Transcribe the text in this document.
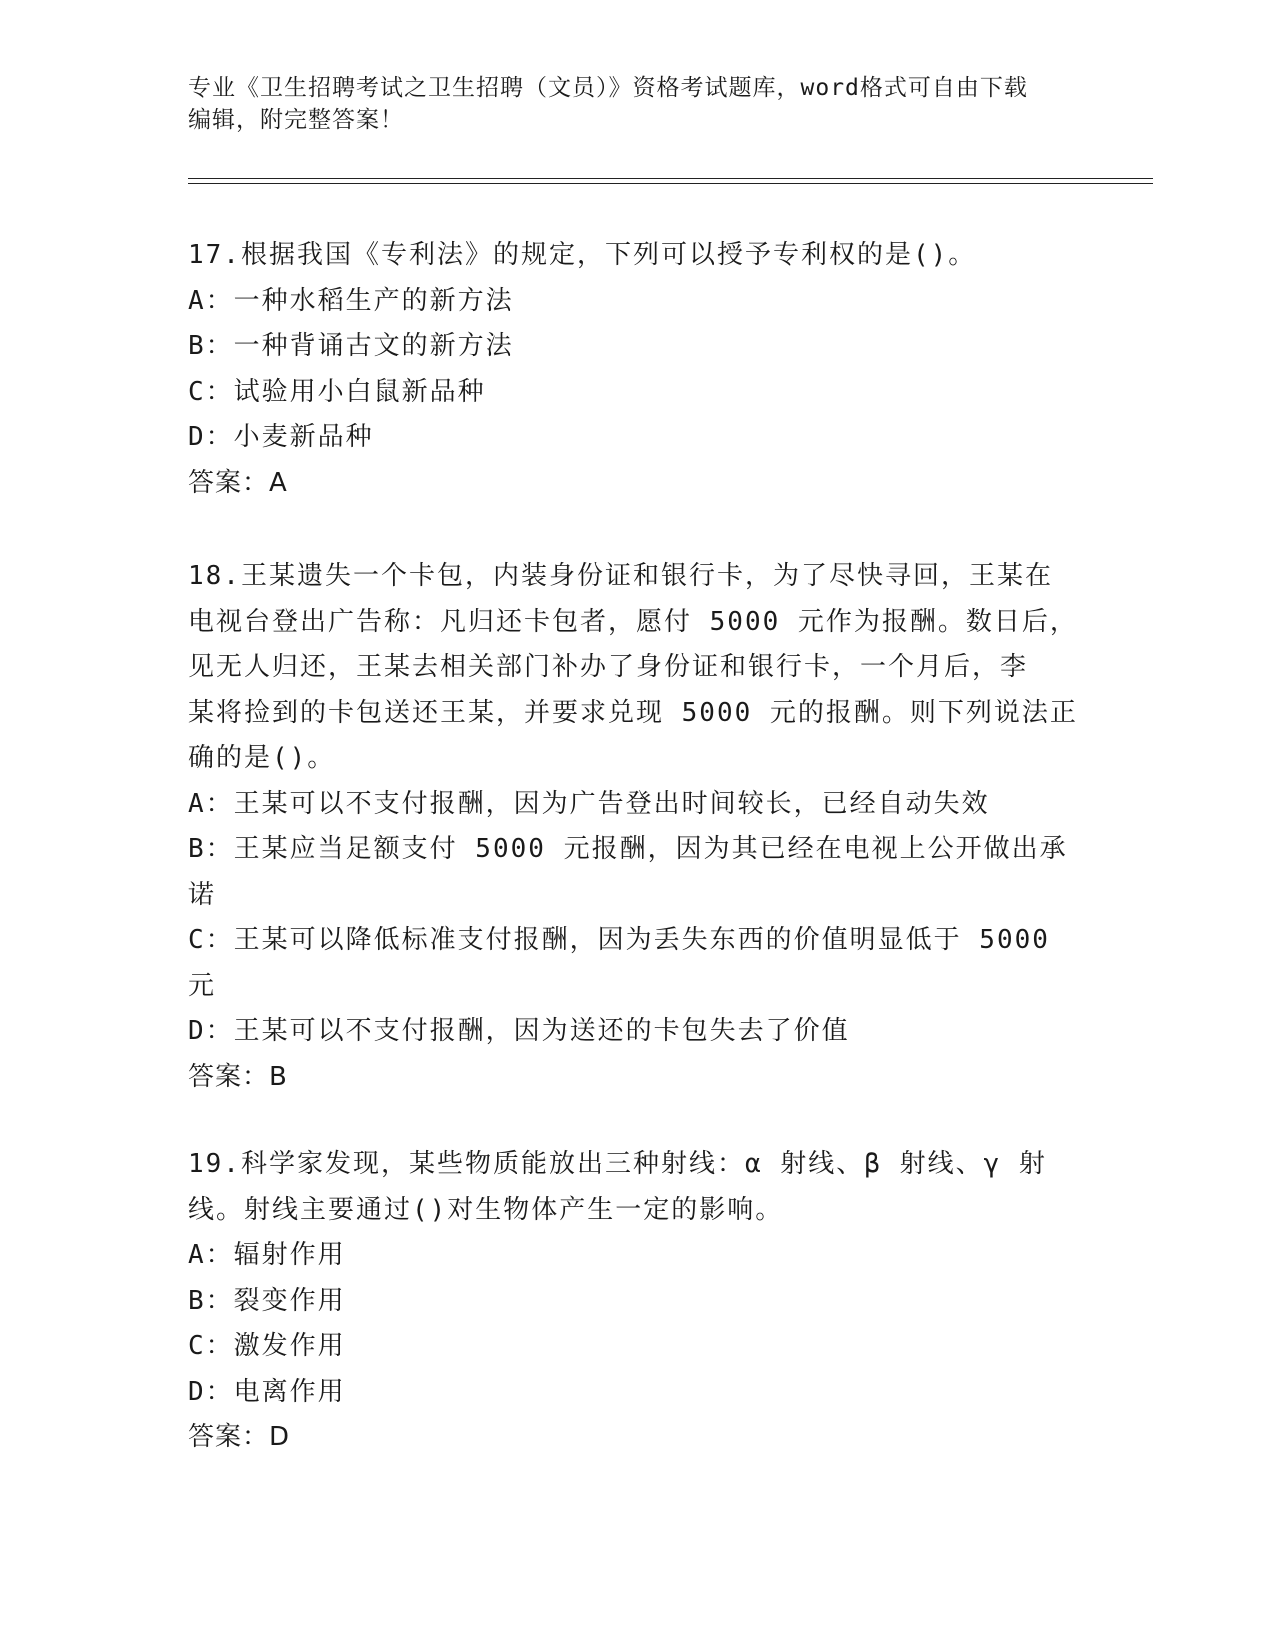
专业《卫生招聘考试之卫生招聘（文员）》资格考试题库，word格式可自由下载
编辑，附完整答案！
17.根据我国《专利法》的规定，下列可以授予专利权的是()。
A：一种水稻生产的新方法
B：一种背诵古文的新方法
C：试验用小白鼠新品种
D：小麦新品种
答案：A
18.王某遗失一个卡包，内装身份证和银行卡，为了尽快寻回，王某在
电视台登出广告称：凡归还卡包者，愿付 5000 元作为报酬。数日后，
见无人归还，王某去相关部门补办了身份证和银行卡，一个月后，李
某将捡到的卡包送还王某，并要求兑现 5000 元的报酬。则下列说法正
确的是()。
A：王某可以不支付报酬，因为广告登出时间较长，已经自动失效
B：王某应当足额支付 5000 元报酬，因为其已经在电视上公开做出承
诺
C：王某可以降低标准支付报酬，因为丢失东西的价值明显低于 5000
元
D：王某可以不支付报酬，因为送还的卡包失去了价值
答案：B
19.科学家发现，某些物质能放出三种射线：α 射线、β 射线、γ 射
线。射线主要通过()对生物体产生一定的影响。
A：辐射作用
B：裂变作用
C：激发作用
D：电离作用
答案：D
